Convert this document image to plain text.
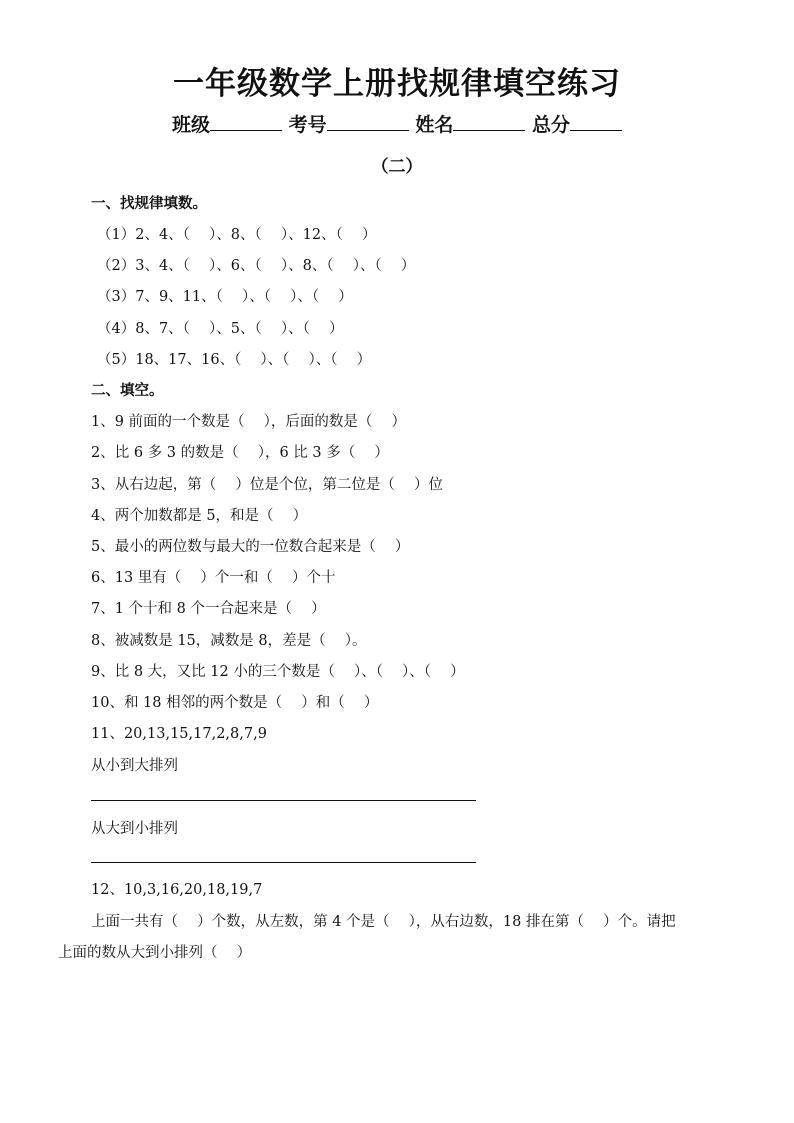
一年级数学上册找规律填空练习
班级	考号	姓名	总分
（二）
一、找规律填数。
（1）2、4、（　 ）、8、（　 ）、12、（　 ）
（2）3、4、（　 ）、6、（　 ）、8、（　 ）、（　 ）
（3）7、9、11、（　 ）、（　 ）、（　 ）
（4）8、7、（　 ）、5、（　 ）、（　 ）
（5）18、17、16、（　 ）、（　 ）、（　 ）
二、填空。
1、9 前面的一个数是（　 ），后面的数是（　 ）
2、比 6 多 3 的数是（　 ），6 比 3 多（　 ）
3、从右边起，第（　 ）位是个位，第二位是（　 ）位
4、两个加数都是 5，和是（　 ）
5、最小的两位数与最大的一位数合起来是（　 ）
6、13 里有（　 ）个一和（　 ）个十
7、1 个十和 8 个一合起来是（　 ）
8、被减数是 15，减数是 8，差是（　 ）。
9、比 8 大，又比 12 小的三个数是（　 ）、（　 ）、（　 ）
10、和 18 相邻的两个数是（　 ）和（　 ）
11、20,13,15,17,2,8,7,9
从小到大排列
从大到小排列
12、10,3,16,20,18,19,7
上面一共有（　 ）个数，从左数，第 4 个是（　 ），从右边数，18 排在第（　 ）个。请把
上面的数从大到小排列（　 ）
